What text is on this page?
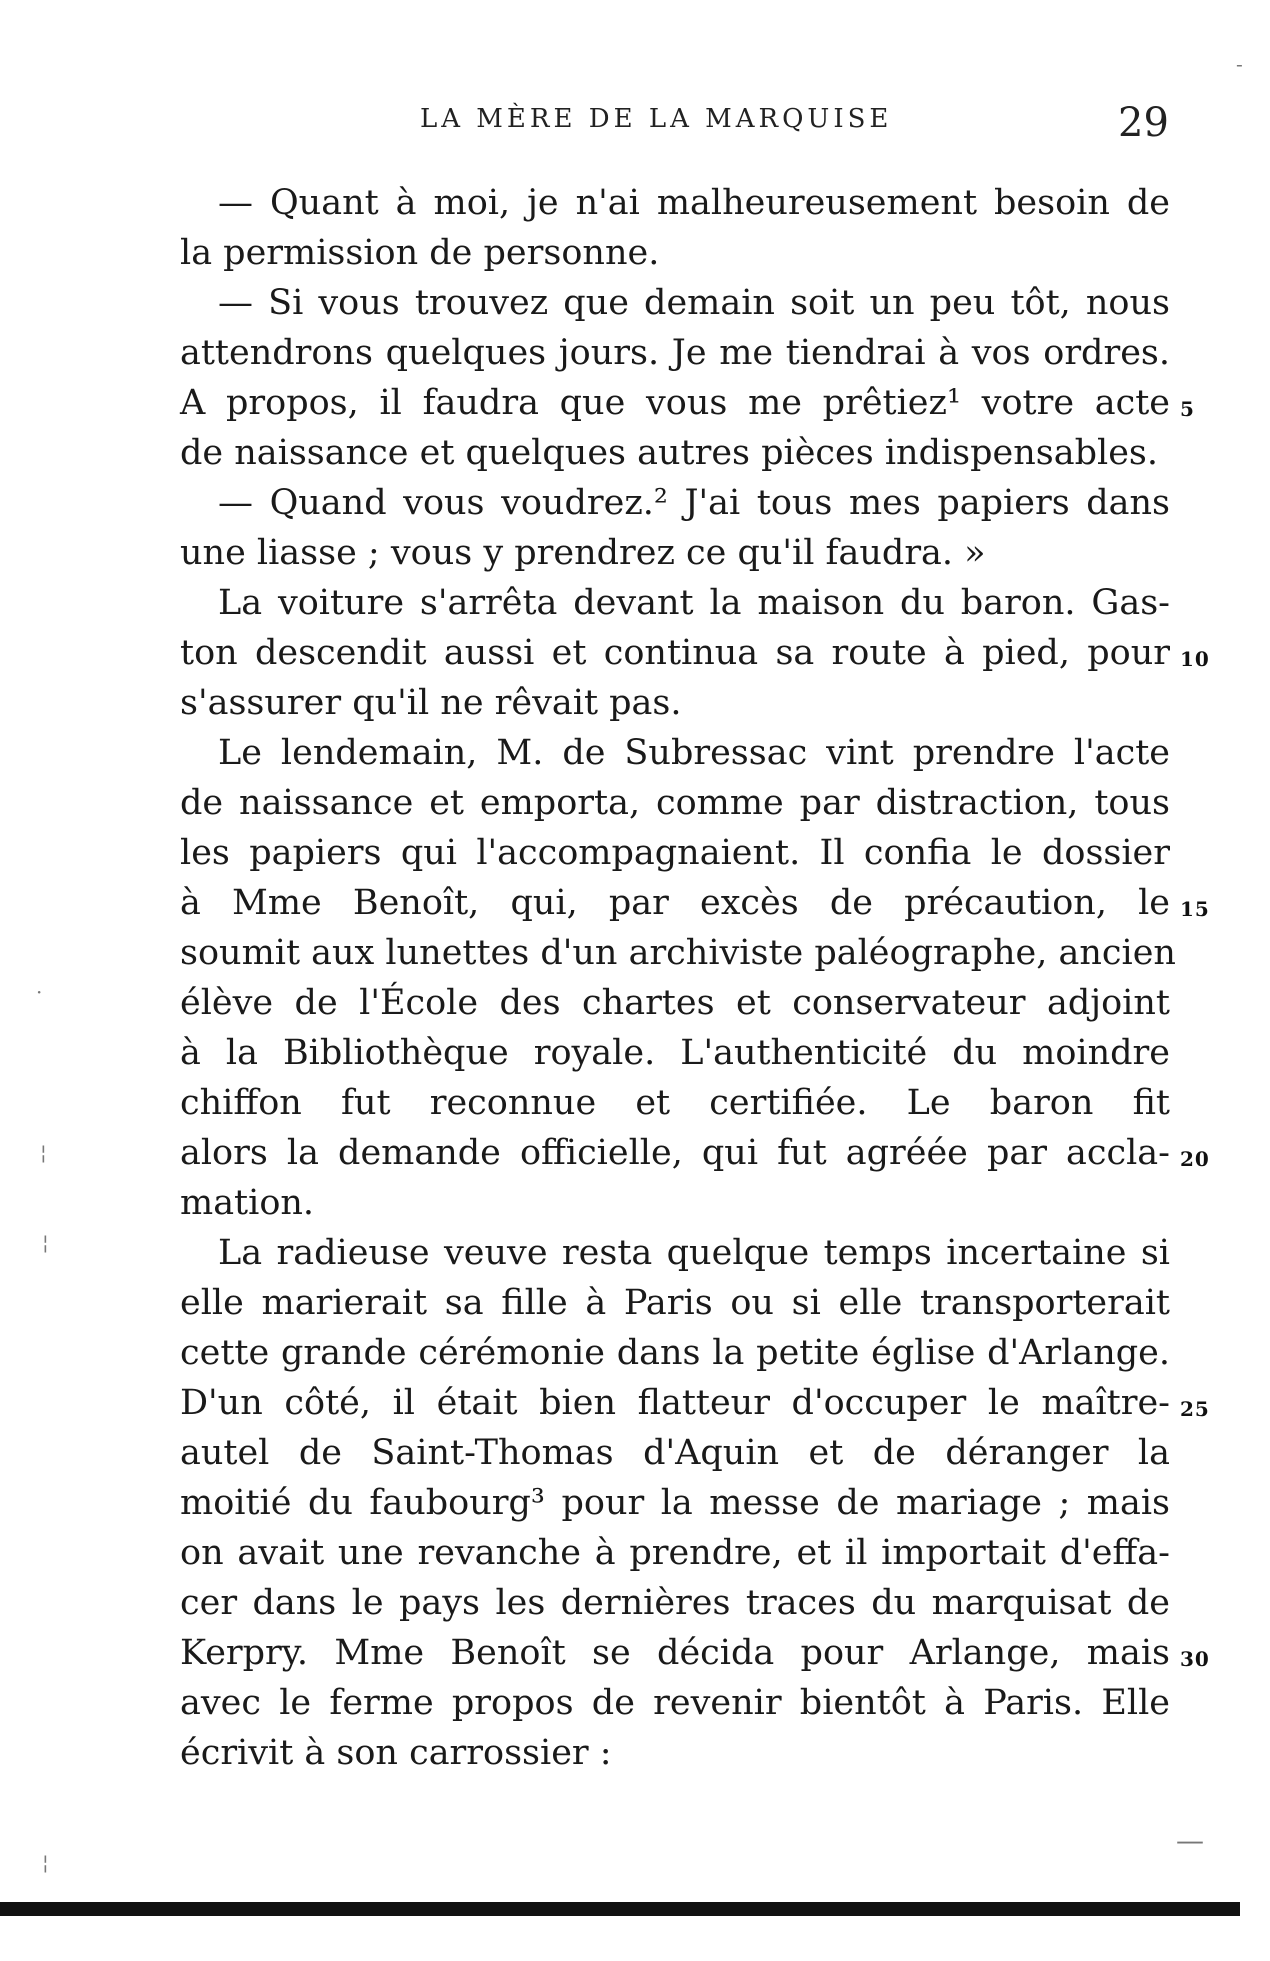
LA MÈRE DE LA MARQUISE	29
— Quant à moi, je n'ai malheureusement besoin de
la permission de personne.
— Si vous trouvez que demain soit un peu tôt, nous
attendrons quelques jours. Je me tiendrai à vos ordres.
A propos, il faudra que vous me prêtiez¹ votre acte 5
de naissance et quelques autres pièces indispensables.
— Quand vous voudrez.² J'ai tous mes papiers dans
une liasse ; vous y prendrez ce qu'il faudra. »
La voiture s'arrêta devant la maison du baron. Gas-
ton descendit aussi et continua sa route à pied, pour 10
s'assurer qu'il ne rêvait pas.
Le lendemain, M. de Subressac vint prendre l'acte
de naissance et emporta, comme par distraction, tous
les papiers qui l'accompagnaient. Il confia le dossier
à Mme Benoît, qui, par excès de précaution, le 15
soumit aux lunettes d'un archiviste paléographe, ancien
élève de l'École des chartes et conservateur adjoint
à la Bibliothèque royale. L'authenticité du moindre
chiffon fut reconnue et certifiée. Le baron fit
alors la demande officielle, qui fut agréée par accla- 20
mation.
La radieuse veuve resta quelque temps incertaine si
elle marierait sa fille à Paris ou si elle transporterait
cette grande cérémonie dans la petite église d'Arlange.
D'un côté, il était bien flatteur d'occuper le maître- 25
autel de Saint-Thomas d'Aquin et de déranger la
moitié du faubourg³ pour la messe de mariage ; mais
on avait une revanche à prendre, et il importait d'effa-
cer dans le pays les dernières traces du marquisat de
Kerpry. Mme Benoît se décida pour Arlange, mais 30
avec le ferme propos de revenir bientôt à Paris. Elle
écrivit à son carrossier :
·
¦
¦
¦
-
—
